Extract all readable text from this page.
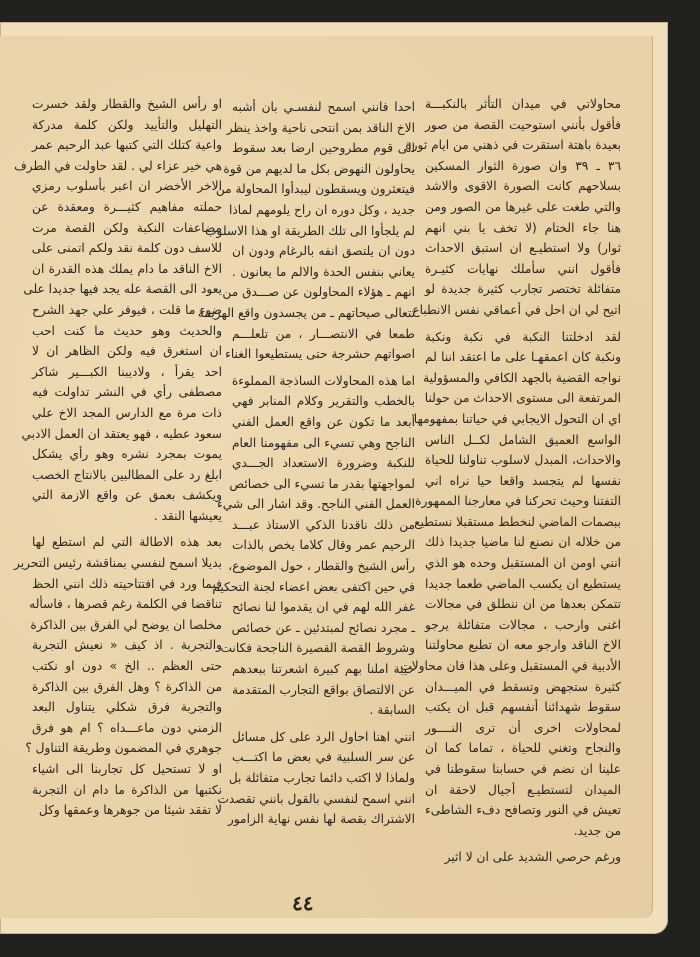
محاولاتي في ميدان التأثر بالنكبـــة
فأقول بأنني استوحيت القصة من صور
بعيدة باهتة استقرت في ذهني من ايام ثورة
٣٦ ـ ٣٩ وان صورة الثوار المسكين
بسلاحهم كانت الصورة الاقوى والاشد
والتي طغت على غيرها من الصور ومن
هنا جاء الختام (لا تخف يا بني انهم
ثوار) ولا استطيـع ان استبق الاحداث
فأقول انني سأملك نهايات كثيـرة
متفائلة تختصر تجارب كثيرة جديدة لو
اتيح لي ان احل في أعماقي نفس الانطباع
لقد ادخلتنا النكبة في نكبة ونكبة
ونكبة كان اعمقهـا على ما اعتقد اننا لم
نواجه القضية بالجهد الكافي والمسؤولية
المرتفعة الى مستوى الاحداث من حولنا
اي ان التحول الايجابي في حياتنا بمفهومها
الواسع العميق الشامل لكــل الناس
والاحداث، المبدل لاسلوب تناولنا للحياة
نفسها لم يتجسد واقعا حيا نراه اني
التفتنا وحيث تحركنا في معارجنا الممهورة
ببصمات الماضي لنخطط مستقبلا نستطيع
من خلاله ان نصنع لنا ماضيا جديدا ذلك
انني اومن ان المستقبل وحده هو الذي
يستطيع ان يكسب الماضي طعما جديدا
تتمكن بعدها من ان ننطلق في مجالات
اغنى وارحب ، مجالات متفائلة يرجو
الاخ الناقد وارجو معه ان تطبع محاولتنا
الأدبية في المستقبل وعلى هذا فان محاولات
كثيرة ستجهض وتسقط في الميـــدان
سقوط شهدائنا أنفسهم قبل ان يكتب
لمحاولات اخرى أن ترى النــــور
والنجاح وتغني للحياة ، تماما كما ان
علينا ان نضم في حسابنا سقوطنا في
الميدان لتستطيـع أجيال لاحقة ان
تعيش في النور وتصافح دفء الشاطىء
من جديد.
ورغم حرصي الشديد على ان لا اثير
احدا فانني اسمح لنفسـي بان أشبه
الاخ الناقد بمن انتحى ناحية واخذ ينظر
الى قوم مطروحين ارضا بعد سقوط
يحاولون النهوض بكل ما لديهم من قوة
فيتعثرون ويسقطون ليبدأوا المحاولة من
جديد ، وكل دوره ان راح يلومهم لماذا
لم يلجأوا الى تلك الطريقة او هذا الاسلوب
دون ان يلتصق انفه بالرغام ودون ان
يعاني بنفس الحدة والالم ما يعانون .
انهم ـ هؤلاء المحاولون عن صـــدق من
تتعالى صيحاتهم ـ من يجسدون واقع الهزيمة
طمعا في الانتصـــار ، من تلعلـــم
اصواتهم حشرجة حتى يستطيعوا الغناء
اما هذه المحاولات الساذجة المملوءة
بالخطب والتقرير وكلام المنابر فهي
أبعد ما تكون عن واقع العمل الفني
الناجح وهي تسيء الى مفهومنا العام
للنكبة وضرورة الاستعداد الجـــدي
لمواجهتها بقدر ما تسيء الى خصائص
العمل الفني الناجح. وقد اشار الى شيء
من ذلك ناقدنا الذكي الاستاذ عبـــد
الرحيم عمر وقال كلاما يخص بالذات
رأس الشيخ والقطار ، حول الموضوع،
في حين اكتفى بعض اعضاء لجنة التحكيم
غفر الله لهم في ان يقدموا لنا نصائح
ـ مجرد نصائح لمبتدئين ـ عن خصائص
وشروط القصة القصيرة الناجحة فكانت
خيبة املنا بهم كبيرة اشعرتنا ببعدهم
عن الالتصاق بواقع التجارب المتقدمة
السابقة .
انني اهنا احاول الرد على كل مسائل
عن سر السلبية في بعض ما اكتـــب
ولماذا لا اكتب دائما تجارب متفائلة بل
انني اسمح لنفسي بالقول بانني تقصدت
الاشتراك بقصة لها نفس نهاية الزامور
او رأس الشيخ والقطار ولقد خسرت
التهليل والتأييد ولكن كلمة مدركة
واعية كتلك التي كتبها عبد الرحيم عمر
هي خير عزاء لي . لقد حاولت في الطرف
الاخر الأخضر ان اعبر بأسلوب رمزي
حملته مفاهيم كثيـــرة ومعقدة عن
مضاعفات النكبة ولكن القصة مرت
للاسف دون كلمة نقد ولكم اتمنى على
الاخ الناقد ما دام يملك هذه القدرة ان
يعود الى القصة عله يجد فيها جديدا على
ضوء ما قلت ، فيوفر علي جهد الشرح
والحديث وهو حديث ما كنت احب
ان استغرق فيه ولكن الظاهر ان لا
احد يقرأ ، ولاديبنا الكبـــير شاكر
مصطفى رأي في النشر تداولت فيه
ذات مرة مع الدارس المجد الاخ علي
سعود عطيه ، فهو يعتقد ان العمل الادبي
يموت بمجرد نشره وهو رأي يشكل
ابلغ رد على المطالبين بالانتاج الخصب
ويكشف بعمق عن واقع الازمة التي
يعيشها النقد .
بعد هذه الاطالة التي لم استطع لها
بديلا اسمح لنفسي بمناقشة رئيس التحرير
فيما ورد في افتتاحيته ذلك انني الحظ
تناقضا في الكلمة رغم قصرها ، فاسأله
مخلصا ان يوضح لي الفرق بين الذاكرة
والتجربة . اذ كيف « نعيش التجربة
حتى العظم .. الخ » دون او نكتب
من الذاكرة ؟ وهل الفرق بين الذاكرة
والتجربة فرق شكلي يتناول البعد
الزمني دون ماعـــداه ؟ ام هو فرق
جوهري في المضمون وطريقة التناول ؟
او لا تستحيل كل تجاربنا الى اشياء
نكتبها من الذاكرة ما دام ان التجربة
لا تفقد شيئا من جوهرها وعمقها وكل
٤٤
